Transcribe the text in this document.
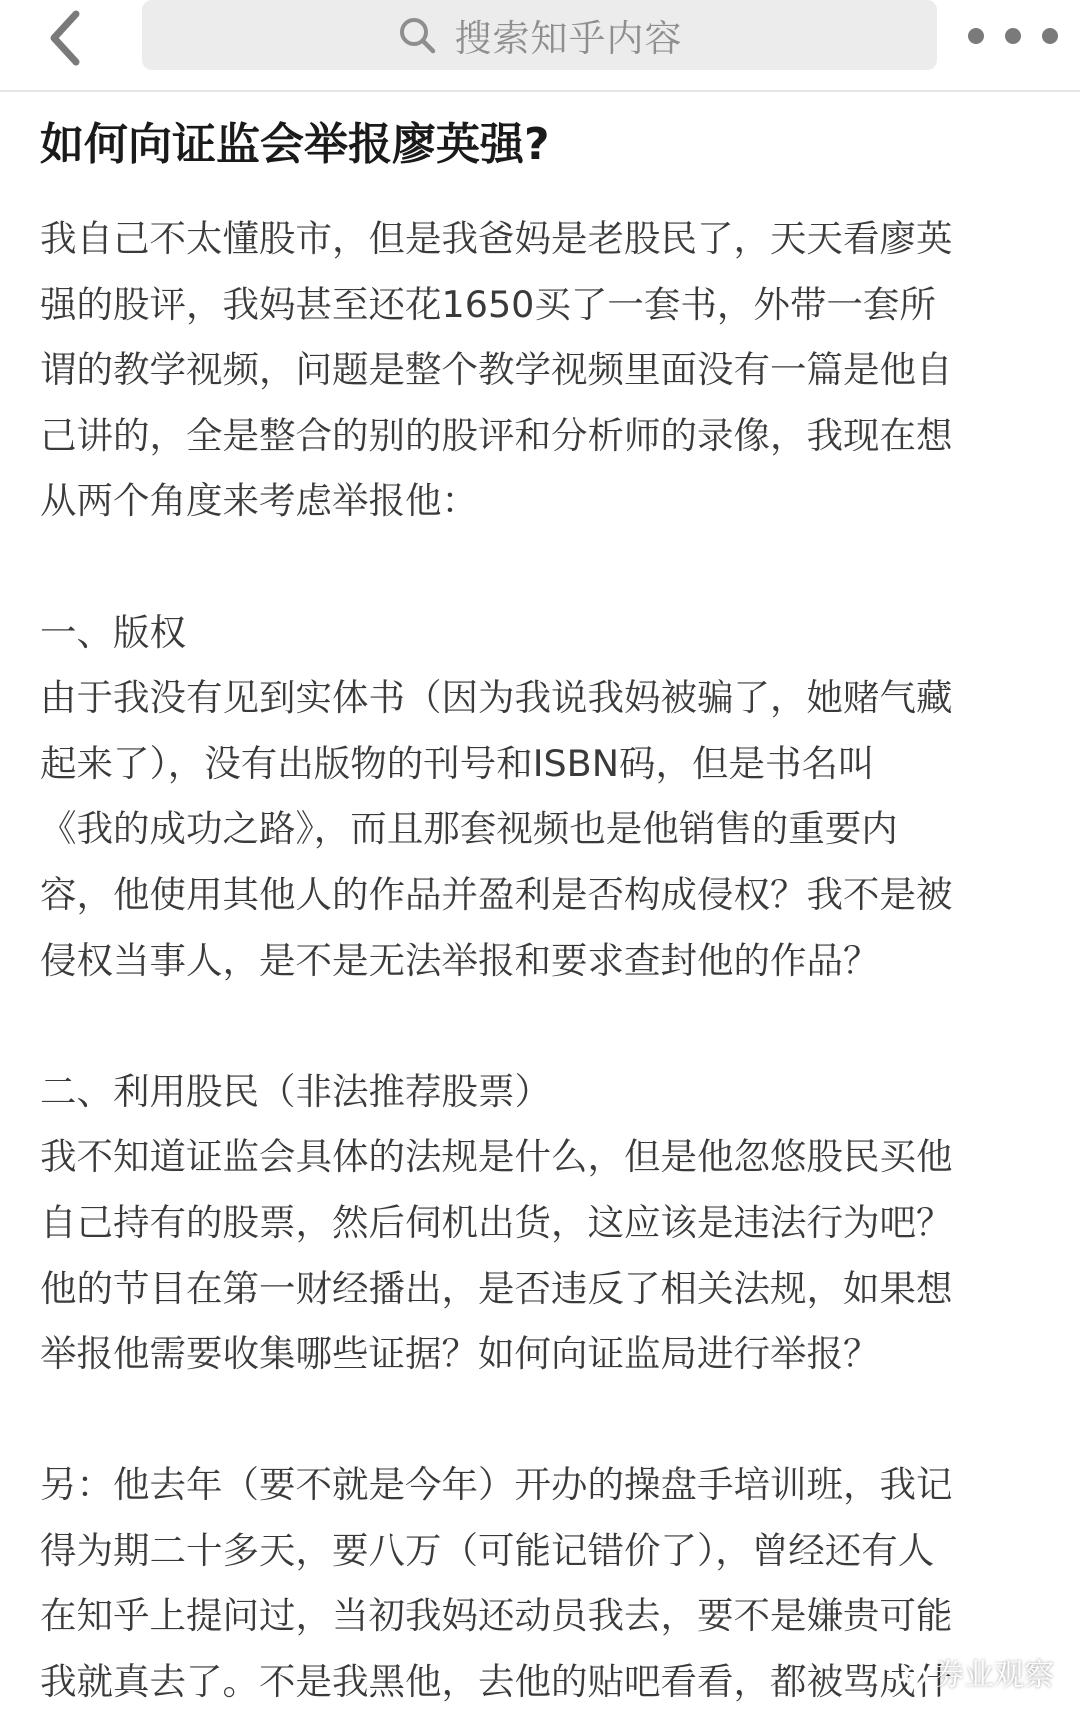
搜索知乎内容
如何向证监会举报廖英强?
我自己不太懂股市，但是我爸妈是老股民了，天天看廖英
强的股评，我妈甚至还花1650买了一套书，外带一套所
谓的教学视频，问题是整个教学视频里面没有一篇是他自
己讲的，全是整合的别的股评和分析师的录像，我现在想
从两个角度来考虑举报他：
一、版权
由于我没有见到实体书（因为我说我妈被骗了，她赌气藏
起来了），没有出版物的刊号和ISBN码，但是书名叫
《我的成功之路》，而且那套视频也是他销售的重要内
容，他使用其他人的作品并盈利是否构成侵权？我不是被
侵权当事人，是不是无法举报和要求查封他的作品？
二、利用股民（非法推荐股票）
我不知道证监会具体的法规是什么，但是他忽悠股民买他
自己持有的股票，然后伺机出货，这应该是违法行为吧？
他的节目在第一财经播出，是否违反了相关法规，如果想
举报他需要收集哪些证据？如何向证监局进行举报？
另：他去年（要不就是今年）开办的操盘手培训班，我记
得为期二十多天，要八万（可能记错价了），曾经还有人
在知乎上提问过，当初我妈还动员我去，要不是嫌贵可能
我就真去了。不是我黑他，去他的贴吧看看，都被骂成什
券业观察
